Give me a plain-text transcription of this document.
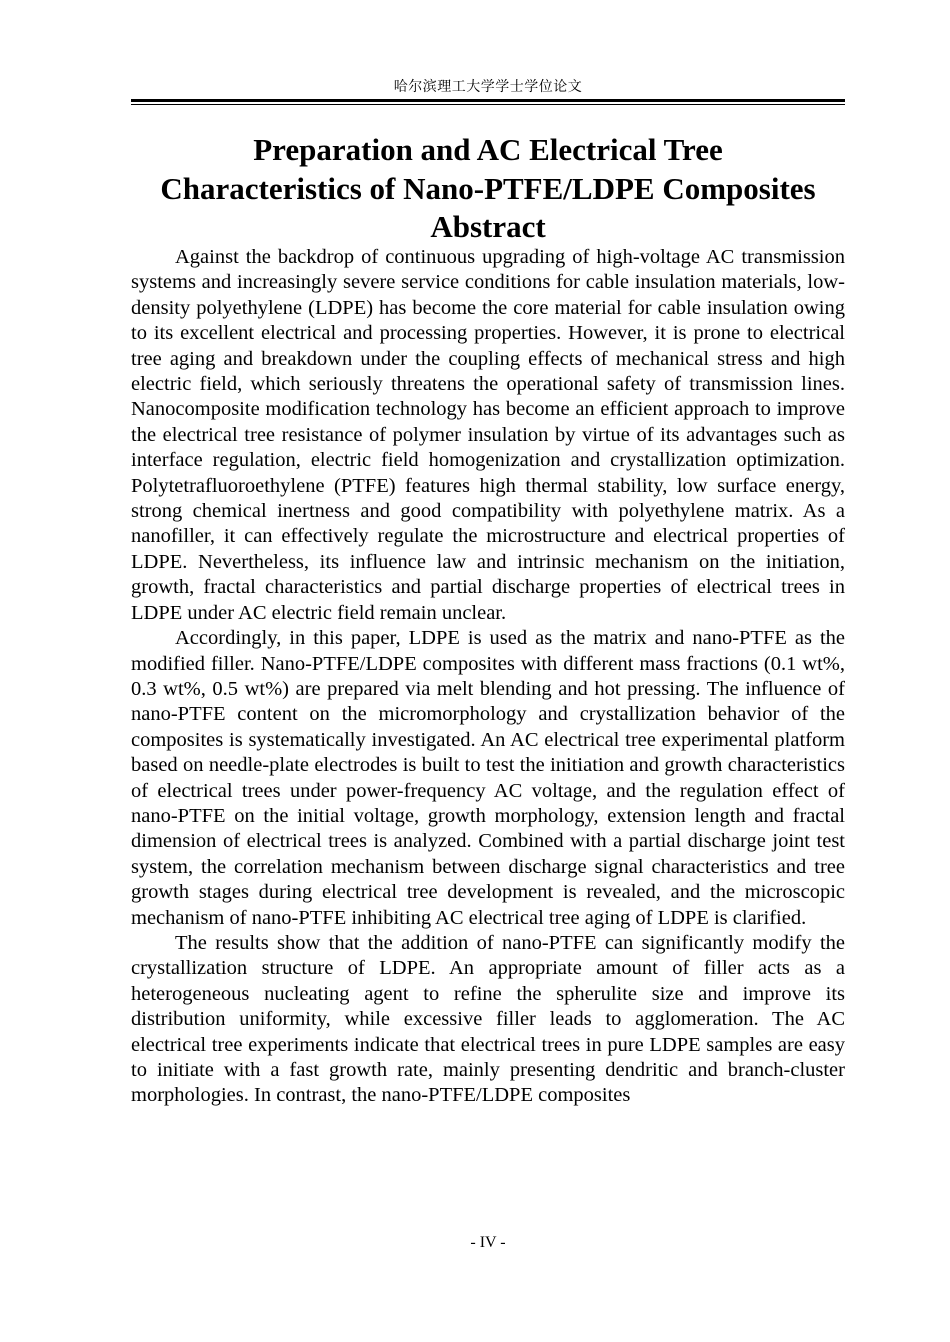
哈尔滨理工大学学士学位论文
Preparation and AC Electrical Tree
Characteristics of Nano-PTFE/LDPE Composites
Abstract

Against the backdrop of continuous upgrading of high-voltage AC transmission systems and increasingly severe service conditions for cable insulation materials, low-density polyethylene (LDPE) has become the core material for cable insulation owing to its excellent electrical and processing properties. However, it is prone to electrical tree aging and breakdown under the coupling effects of mechanical stress and high electric field, which seriously threatens the operational safety of transmission lines. Nanocomposite modification technology has become an efficient approach to improve the electrical tree resistance of polymer insulation by virtue of its advantages such as interface regulation, electric field homogenization and crystallization optimization. Polytetrafluoroethylene (PTFE) features high thermal stability, low surface energy, strong chemical inertness and good compatibility with polyethylene matrix. As a nanofiller, it can effectively regulate the microstructure and electrical properties of LDPE. Nevertheless, its influence law and intrinsic mechanism on the initiation, growth, fractal characteristics and partial discharge properties of electrical trees in LDPE under AC electric field remain unclear.

Accordingly, in this paper, LDPE is used as the matrix and nano-PTFE as the modified filler. Nano-PTFE/LDPE composites with different mass fractions (0.1 wt%, 0.3 wt%, 0.5 wt%) are prepared via melt blending and hot pressing. The influence of nano-PTFE content on the micromorphology and crystallization behavior of the composites is systematically investigated. An AC electrical tree experimental platform based on needle-plate electrodes is built to test the initiation and growth characteristics of electrical trees under power-frequency AC voltage, and the regulation effect of nano-PTFE on the initial voltage, growth morphology, extension length and fractal dimension of electrical trees is analyzed. Combined with a partial discharge joint test system, the correlation mechanism between discharge signal characteristics and tree growth stages during electrical tree development is revealed, and the microscopic mechanism of nano-PTFE inhibiting AC electrical tree aging of LDPE is clarified.

The results show that the addition of nano-PTFE can significantly modify the crystallization structure of LDPE. An appropriate amount of filler acts as a heterogeneous nucleating agent to refine the spherulite size and improve its distribution uniformity, while excessive filler leads to agglomeration. The AC electrical tree experiments indicate that electrical trees in pure LDPE samples are easy to initiate with a fast growth rate, mainly presenting dendritic and branch-cluster morphologies. In contrast, the nano-PTFE/LDPE composites

- IV -
